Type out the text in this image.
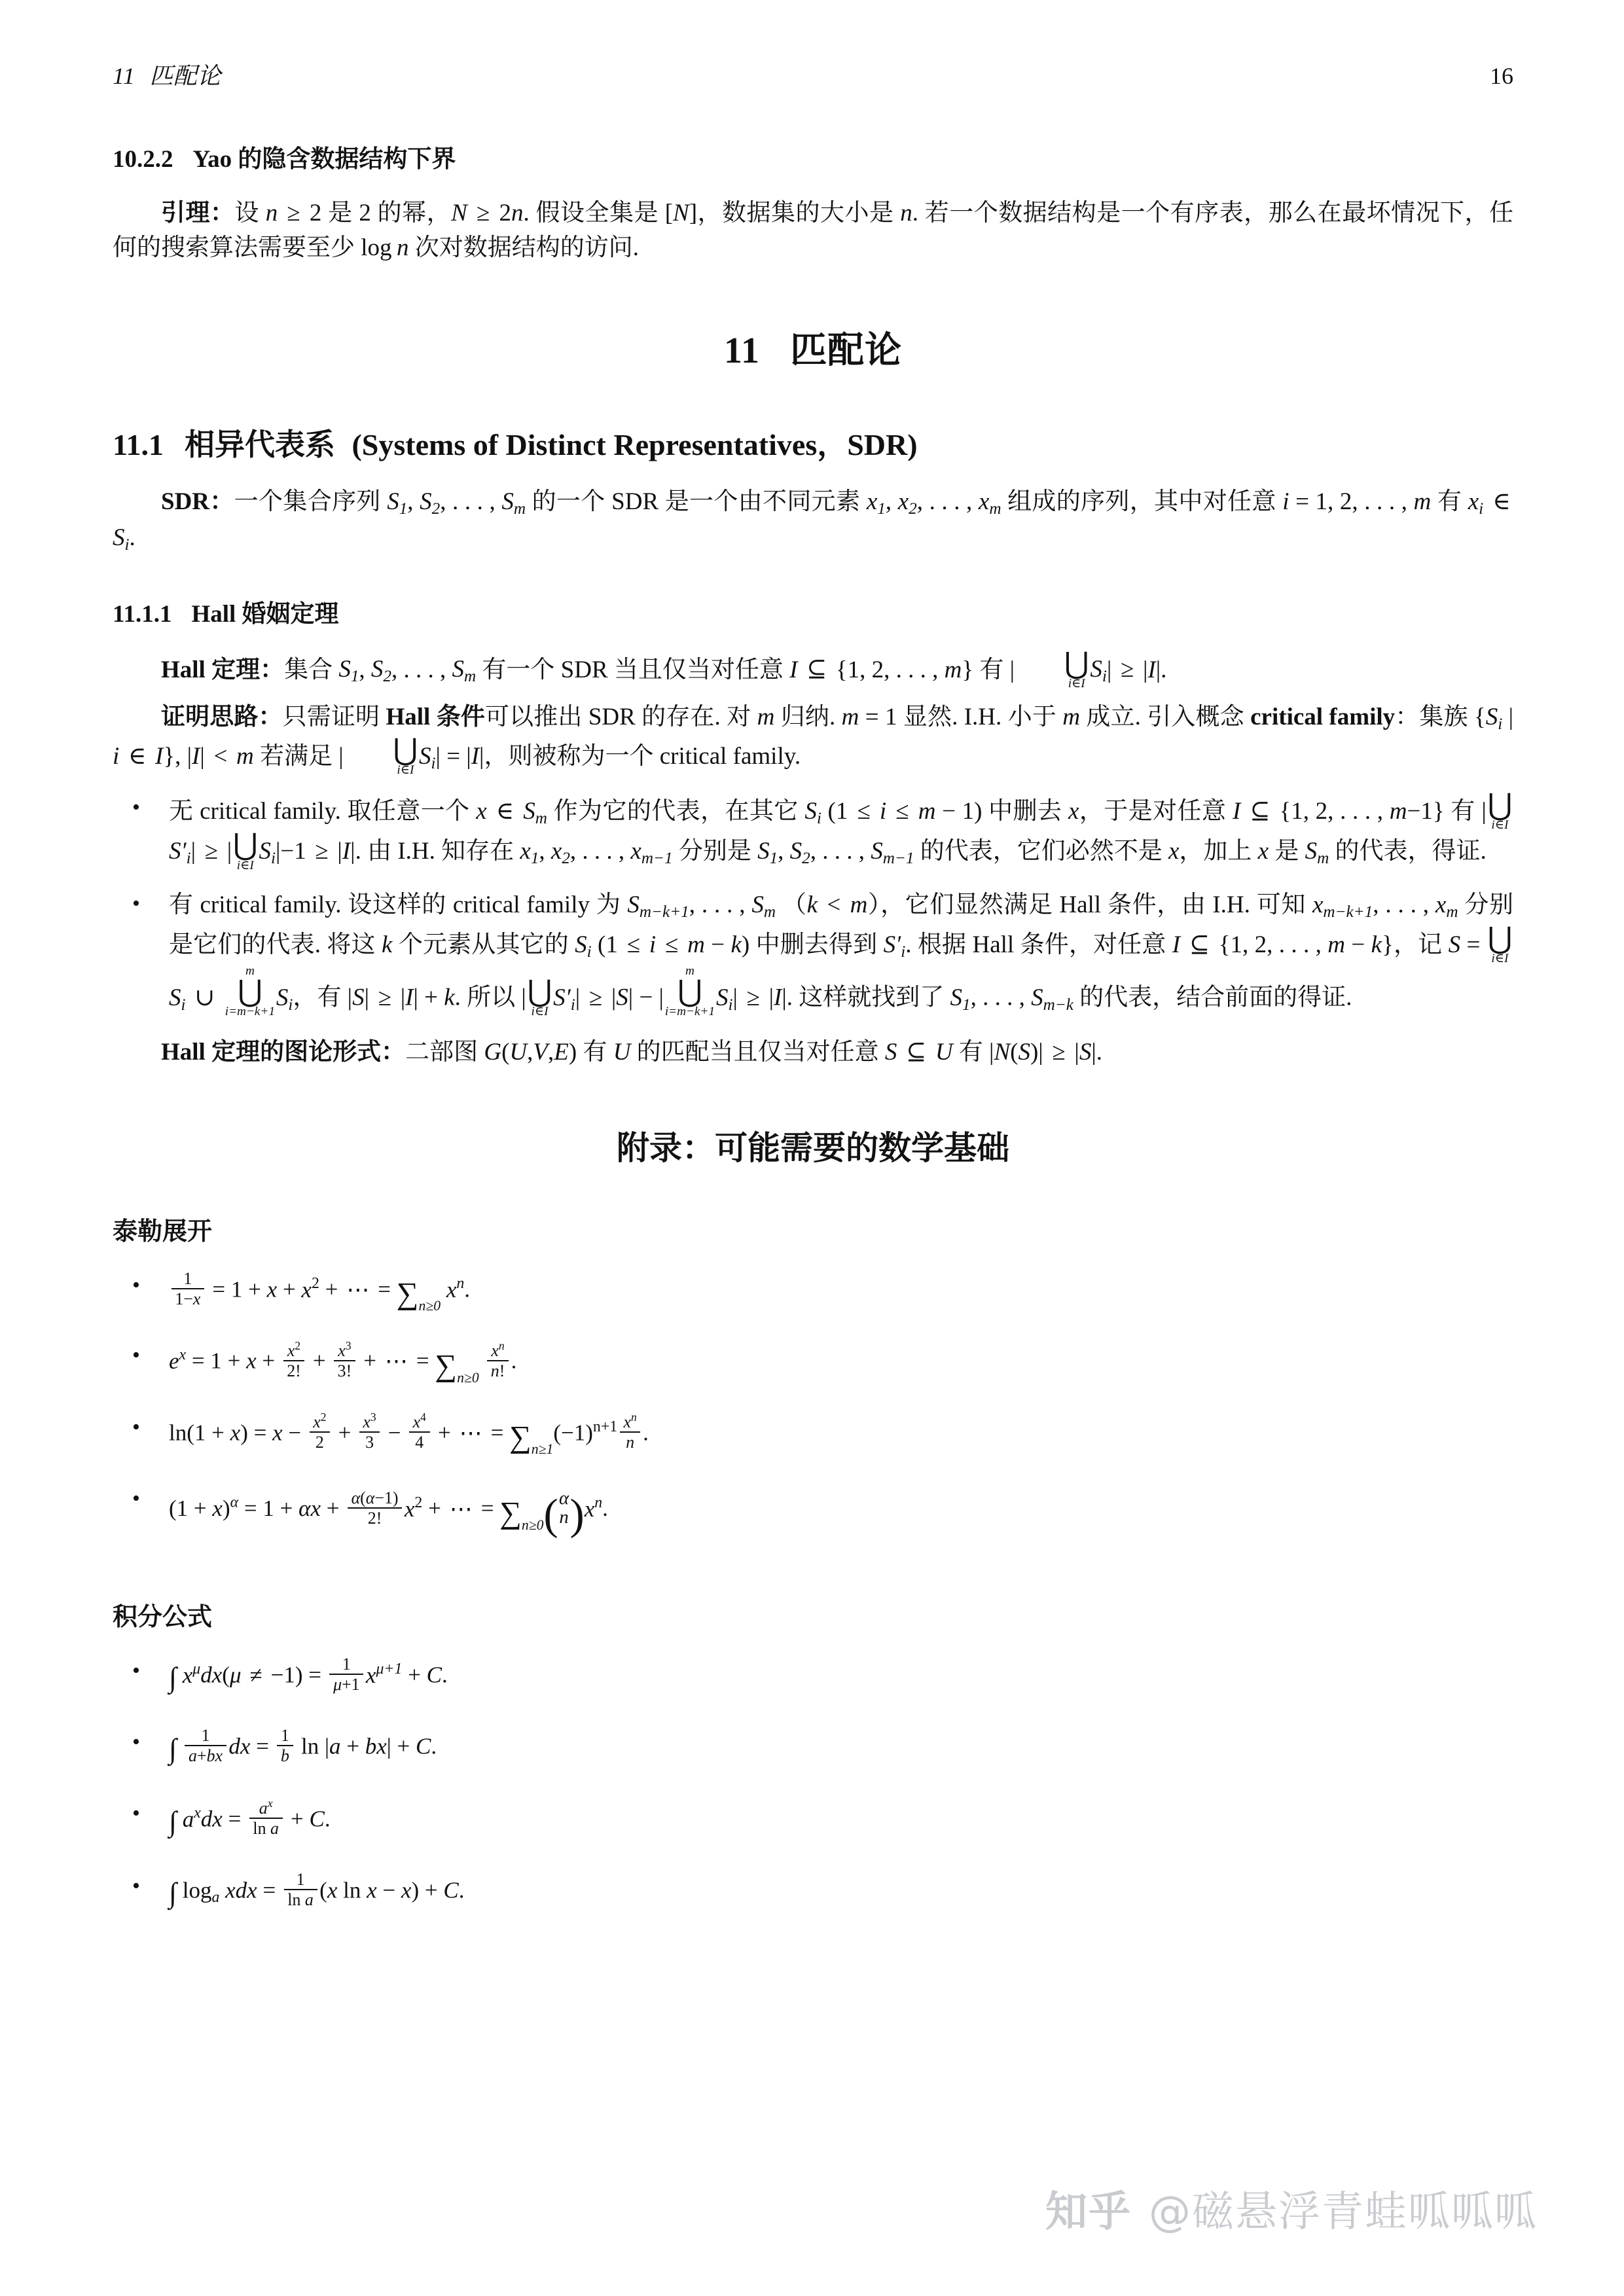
11 匹配论	16
10.2.2 Yao 的隐含数据结构下界

引理：设 n ≥ 2 是 2 的幂，N ≥ 2n. 假设全集是 [N]，数据集的大小是 n. 若一个数据结构是一个有序表，那么在最坏情况下，任何的搜索算法需要至少 log  n 次对数据结构的访问.

11 匹配论
11.1 相异代表系 (Systems of Distinct Representatives，SDR)

SDR：一个集合序列 $S_1$, $S_2$, . . . , $S_m$ 的一个 SDR 是一个由不同元素 $x_1$, $x_2$, . . . , $x_m$ 组成的序列，其中对任意 i = 1, 2, . . . , m 有 $x_i$ ∈ $S_i$.

11.1.1 Hall 婚姻定理

Hall 定理：集合 $S_1$, $S_2$, . . . , $S_m$ 有一个 SDR 当且仅当对任意 I ⊆ {1, 2, . . . , m} 有 |	⋃
i∈I
$S_i| \ge |I|$.

证明思路：只需证明 Hall 条件可以推出 SDR 的存在. 对 m 归纳. m = 1 显然. I.H. 小于 m 成立. 引入概念 critical family：集族 {$S_i$ | i ∈ I}, |I| < m 若满足 |	⋃
i∈I
$S_i| = |I|$，则被称为一个 critical family.

• 无 critical family. 取任意一个 x ∈ $S_m$ 作为它的代表，在其它 $S_i$ (1 ≤ i ≤ m − 1) 中删去 x，于是对任意 I ⊆ {1, 2, . . . , m−1} 有 | ⋃
i∈I
$S'_i|$ ≥ | ⋃
i∈I
$S_i|-1 \ge |I|$. 由 I.H. 知存在 $x_1$, $x_2$, . . . , $x_{m-1}$ 分别是 $S_1$, $S_2$, . . . , $S_{m-1}$ 的代表，它们必然不是 x，加上 x 是 $S_m$ 的代表，得证.
• 有 critical family. 设这样的 critical family 为 $S_{m-k+1}$, . . . , $S_m$ （k < m），它们显然满足 Hall 条件，由 I.H. 可知 $x_{m-k+1}$, . . . , $x_m$ 分别是它们的代表. 将这 k 个元素从其它的 $S_i$ (1 ≤ i ≤ m − k) 中删去得到 $S'_i$. 根据 Hall 条件，对任意 I ⊆ {1, 2, . . . , m − k}，记 S = ⋃
i∈I
$S_i$ ∪
m
⋃
i=m−k+1
$S_i$，有 |S| ≥ |I| + k. 所以 | ⋃
i∈I
$S'_i| \ge |S|$ − |
m
⋃
i=m−k+1
$S_i| \ge |I|$. 这样就找到了 $S_1$, . . . , $S_{m-k}$ 的代表，结合前面的得证.

Hall 定理的图论形式：二部图 G(U,V,E) 有 U 的匹配当且仅当对任意 S ⊆ U 有 |N(S)| ≥ |S|.

附录：可能需要的数学基础
泰勒展开
• $\frac{1}{1-x} = 1 + x + x^2$ + ⋯ = $\sum_{n\ge 0}$ $x^n$.
• $e^x = 1 + x + \frac{x^2}{2!} + \frac{x^3}{3!}$ + ⋯ = $\sum_{n\ge 0} \frac{x^n}{n!}$ .
• $\ln(1 + x) = x - \frac{x^2}{2} + \frac{x^3}{3} - \frac{x^4}{4}$ + ⋯ = $\sum_{n\ge 1}(-1)^{n+1} \frac{x^n}{n}$ .
• $(1 + x)^\alpha = 1 + \alpha x + \frac{\alpha(\alpha-1)}{2!} x^2$ + ⋯ = $\sum_{n\ge 0}$( α
n )$x^n$.
积分公式
• ∫ $x^\mu dx(\mu \ne -1) = \frac{1}{\mu+1} x^{\mu+1} + C$.
• ∫ $\frac{1}{a+bx}$ dx = $\frac{1}{b}$ ln |a + bx| + C.
• ∫ $a^xdx = \frac{a^x}{\text{ln a}} + C$.
• ∫ $\log_a$ xdx = $\frac{1}{\text{ln a}} (x$ ln x − x) + C.
知乎 @磁悬浮青蛙呱呱呱
